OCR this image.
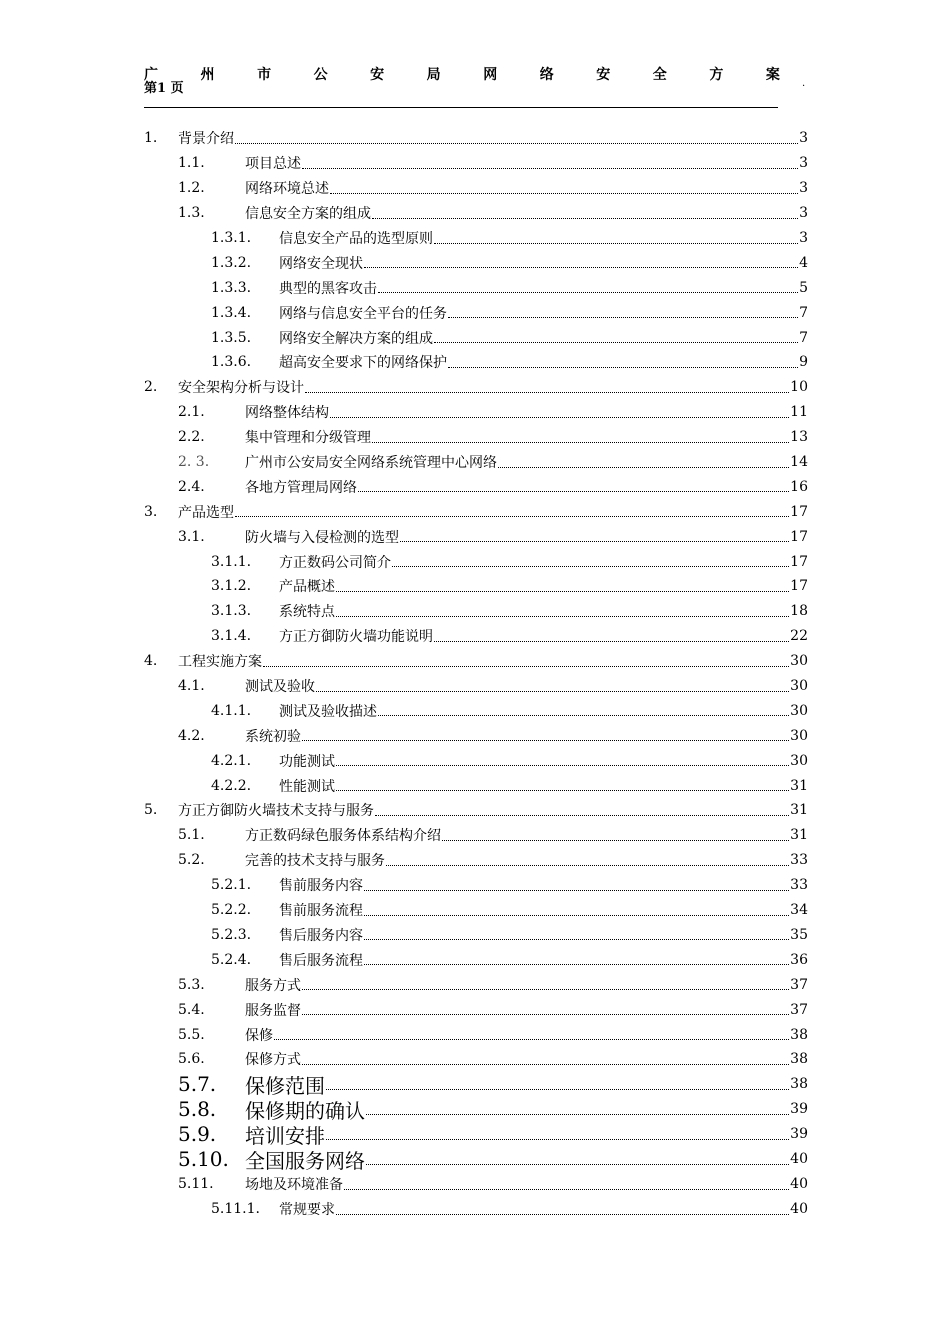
广	州	市	公	安	局	网	络	安	全	方	案
.
第1 页
1. 背景介绍	3
1.1.	项目总述	3
1.2.	网络环境总述	3
1.3.	信息安全方案的组成	3
1.3.1. 信息安全产品的选型原则	3
1.3.2. 网络安全现状	4
1.3.3. 典型的黑客攻击	5
1.3.4. 网络与信息安全平台的任务	7
1.3.5. 网络安全解决方案的组成	7
1.3.6. 超高安全要求下的网络保护	9
2. 安全架构分析与设计	10
2.1.	网络整体结构	11
2.2.	集中管理和分级管理	13
2. 3.	广州市公安局安全网络系统管理中心网络	14
2.4.	各地方管理局网络	16
3. 产品选型	17
3.1.	防火墙与入侵检测的选型	17
3.1.1. 方正数码公司简介	17
3.1.2. 产品概述	17
3.1.3. 系统特点	18
3.1.4. 方正方御防火墙功能说明	22
4. 工程实施方案	30
4.1.	测试及验收	30
4.1.1. 测试及验收描述	30
4.2.	系统初验	30
4.2.1. 功能测试	30
4.2.2. 性能测试	31
5. 方正方御防火墙技术支持与服务	31
5.1.	方正数码绿色服务体系结构介绍	31
5.2.	完善的技术支持与服务	33
5.2.1. 售前服务内容	33
5.2.2. 售前服务流程	34
5.2.3. 售后服务内容	35
5.2.4. 售后服务流程	36
5.3.	服务方式	37
5.4.	服务监督	37
5.5.	保修	38
5.6.	保修方式	38
5.7. 保修范围	38
5.8. 保修期的确认	39
5.9. 培训安排	39
5.10. 全国服务网络	40
5.11. 场地及环境准备	40
5.11.1. 常规要求	40
